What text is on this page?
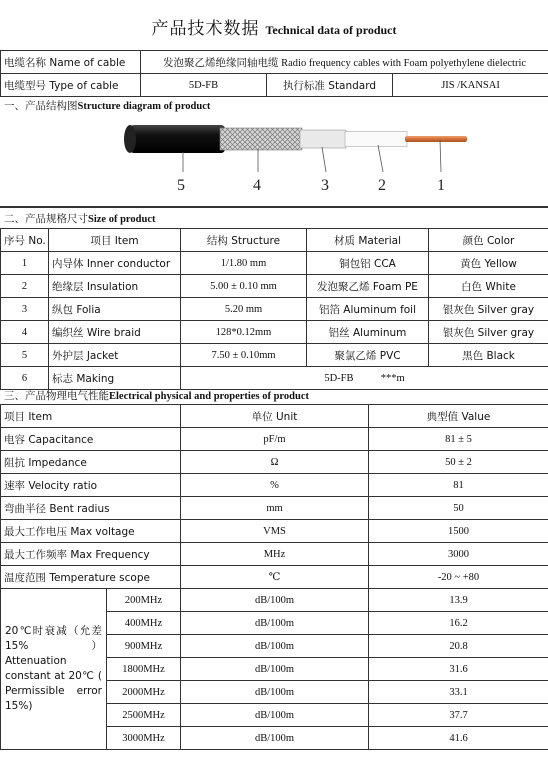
产品技术数据 Technical data of product
电缆名称 Name of cable	发泡聚乙烯绝缘同轴电缆 Radio frequency cables with Foam polyethylene dielectric		
电缆型号 Type of cable	5D-FB	执行标准 Standard	JIS /KANSAI
一、产品结构图Structure diagram of product
5	4	3	2	1
二、产品规格尺寸Size of product
序号 No.	项目 Item	结构 Structure	材质 Material	颜色 Color
1	内导体 Inner conductor	1/1.80 mm	铜包铝 CCA	黄色 Yellow
2	绝缘层 Insulation	5.00 ± 0.10 mm	发泡聚乙烯 Foam PE	白色 White
3	纵包 Folia	5.20 mm	铝箔 Aluminum foil	银灰色 Silver gray
4	编织丝 Wire braid	128*0.12mm	铝丝 Aluminum	银灰色 Silver gray
5	外护层 Jacket	7.50 ± 0.10mm	聚氯乙烯 PVC	黑色 Black
6	标志 Making	5D-FB ***m		
三、产品物理电气性能Electrical physical and properties of product
项目 Item		单位 Unit	典型值 Value
电容 Capacitance		pF/m	81 ± 5
阻抗 Impedance		Ω	50 ± 2
速率 Velocity ratio		%	81
弯曲半径 Bent radius		mm	50
最大工作电压 Max voltage		VMS	1500
最大工作频率 Max Frequency		MHz	3000
温度范围 Temperature scope		℃	-20 ~ +80
20℃时衰减（允差15%） Attenuation constant at 20℃ ( Permissible error 15%)	200MHz	dB/100m	13.9
	400MHz	dB/100m	16.2
	900MHz	dB/100m	20.8
	1800MHz	dB/100m	31.6
	2000MHz	dB/100m	33.1
	2500MHz	dB/100m	37.7
	3000MHz	dB/100m	41.6
